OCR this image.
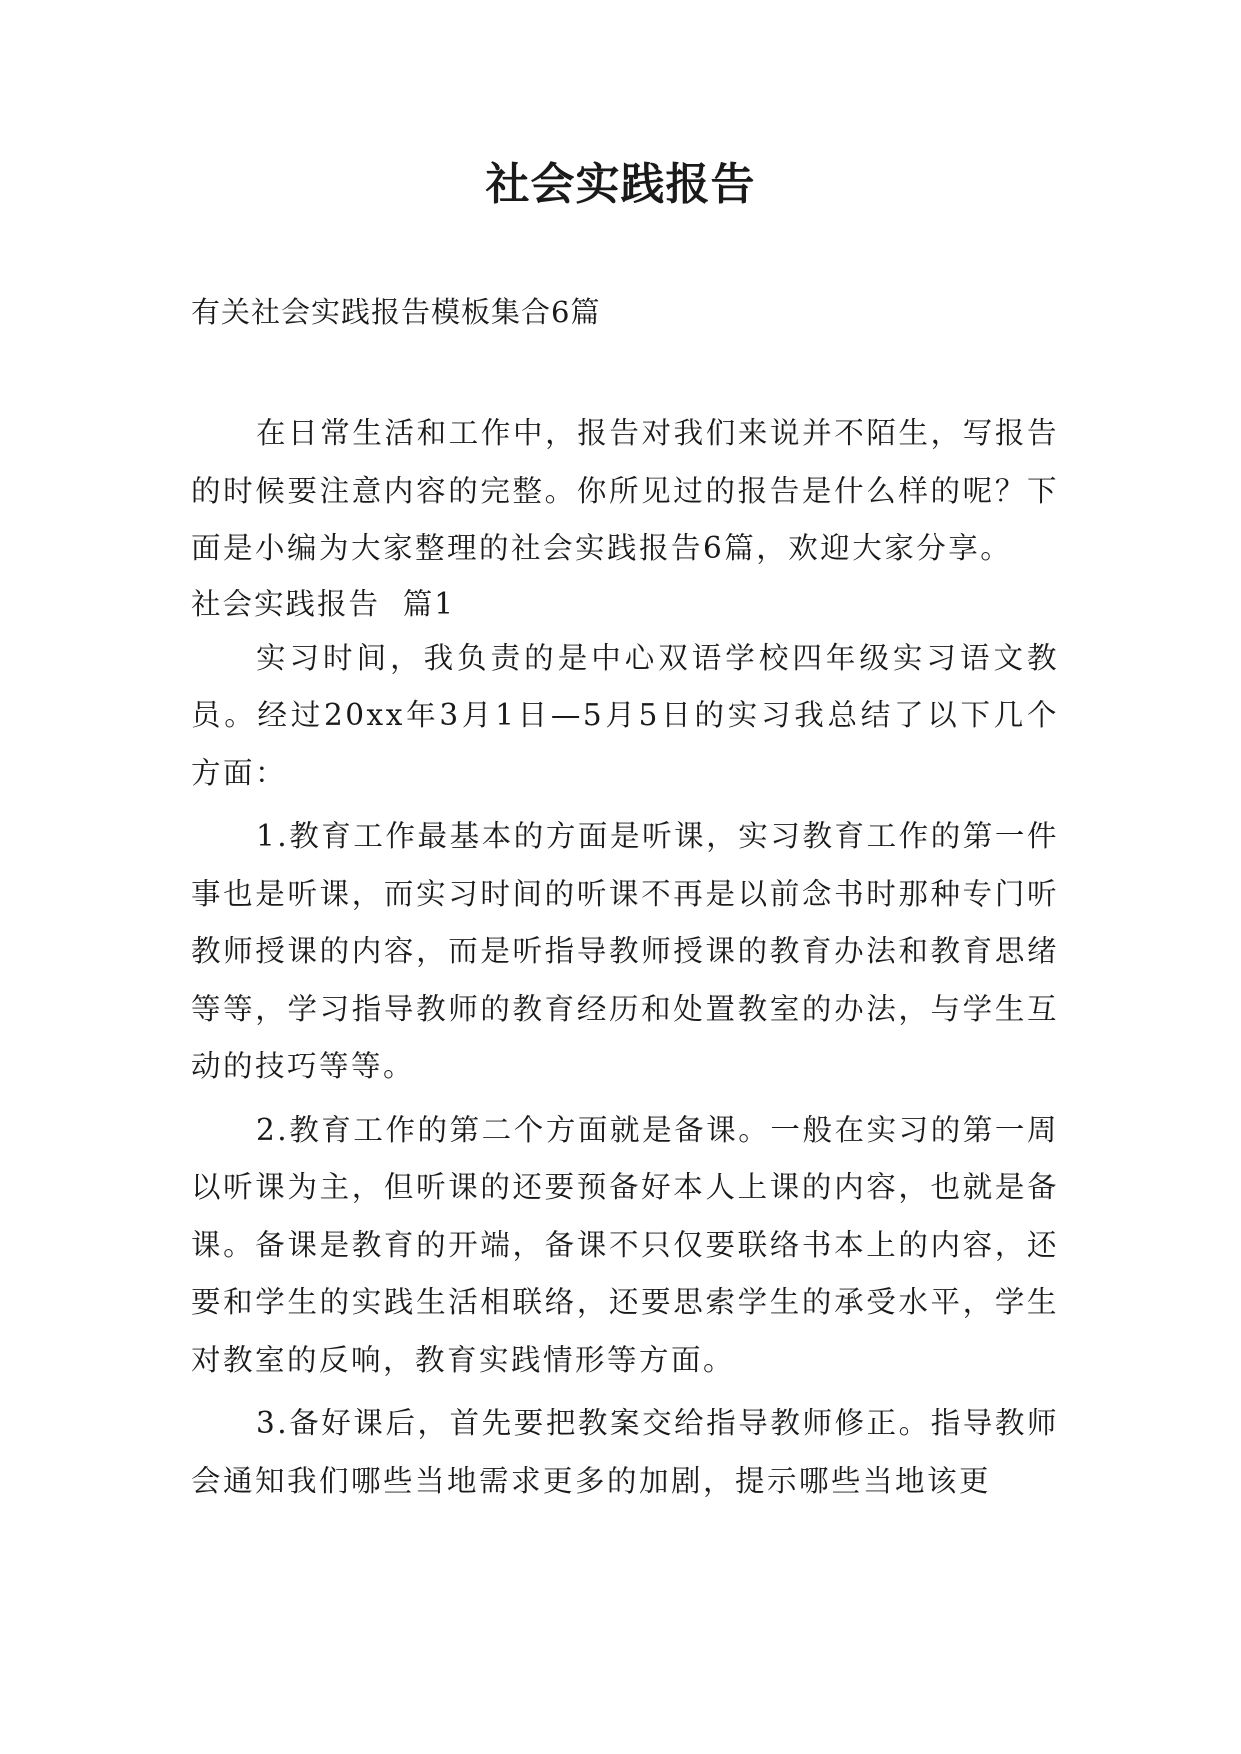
社会实践报告
有关社会实践报告模板集合6篇

在日常生活和工作中，报告对我们来说并不陌生，写报告的时候要注意内容的完整。你所见过的报告是什么样的呢？下面是小编为大家整理的社会实践报告6篇，欢迎大家分享。

社会实践报告  篇1

实习时间，我负责的是中心双语学校四年级实习语文教员。经过20xx年3月1日—5月5日的实习我总结了以下几个方面：

1.教育工作最基本的方面是听课，实习教育工作的第一件事也是听课，而实习时间的听课不再是以前念书时那种专门听教师授课的内容，而是听指导教师授课的教育办法和教育思绪等等，学习指导教师的教育经历和处置教室的办法，与学生互动的技巧等等。

2.教育工作的第二个方面就是备课。一般在实习的第一周以听课为主，但听课的还要预备好本人上课的内容，也就是备课。备课是教育的开端，备课不只仅要联络书本上的内容，还要和学生的实践生活相联络，还要思索学生的承受水平，学生对教室的反响，教育实践情形等方面。

3.备好课后，首先要把教案交给指导教师修正。指导教师会通知我们哪些当地需求更多的加剧，提示哪些当地该更
